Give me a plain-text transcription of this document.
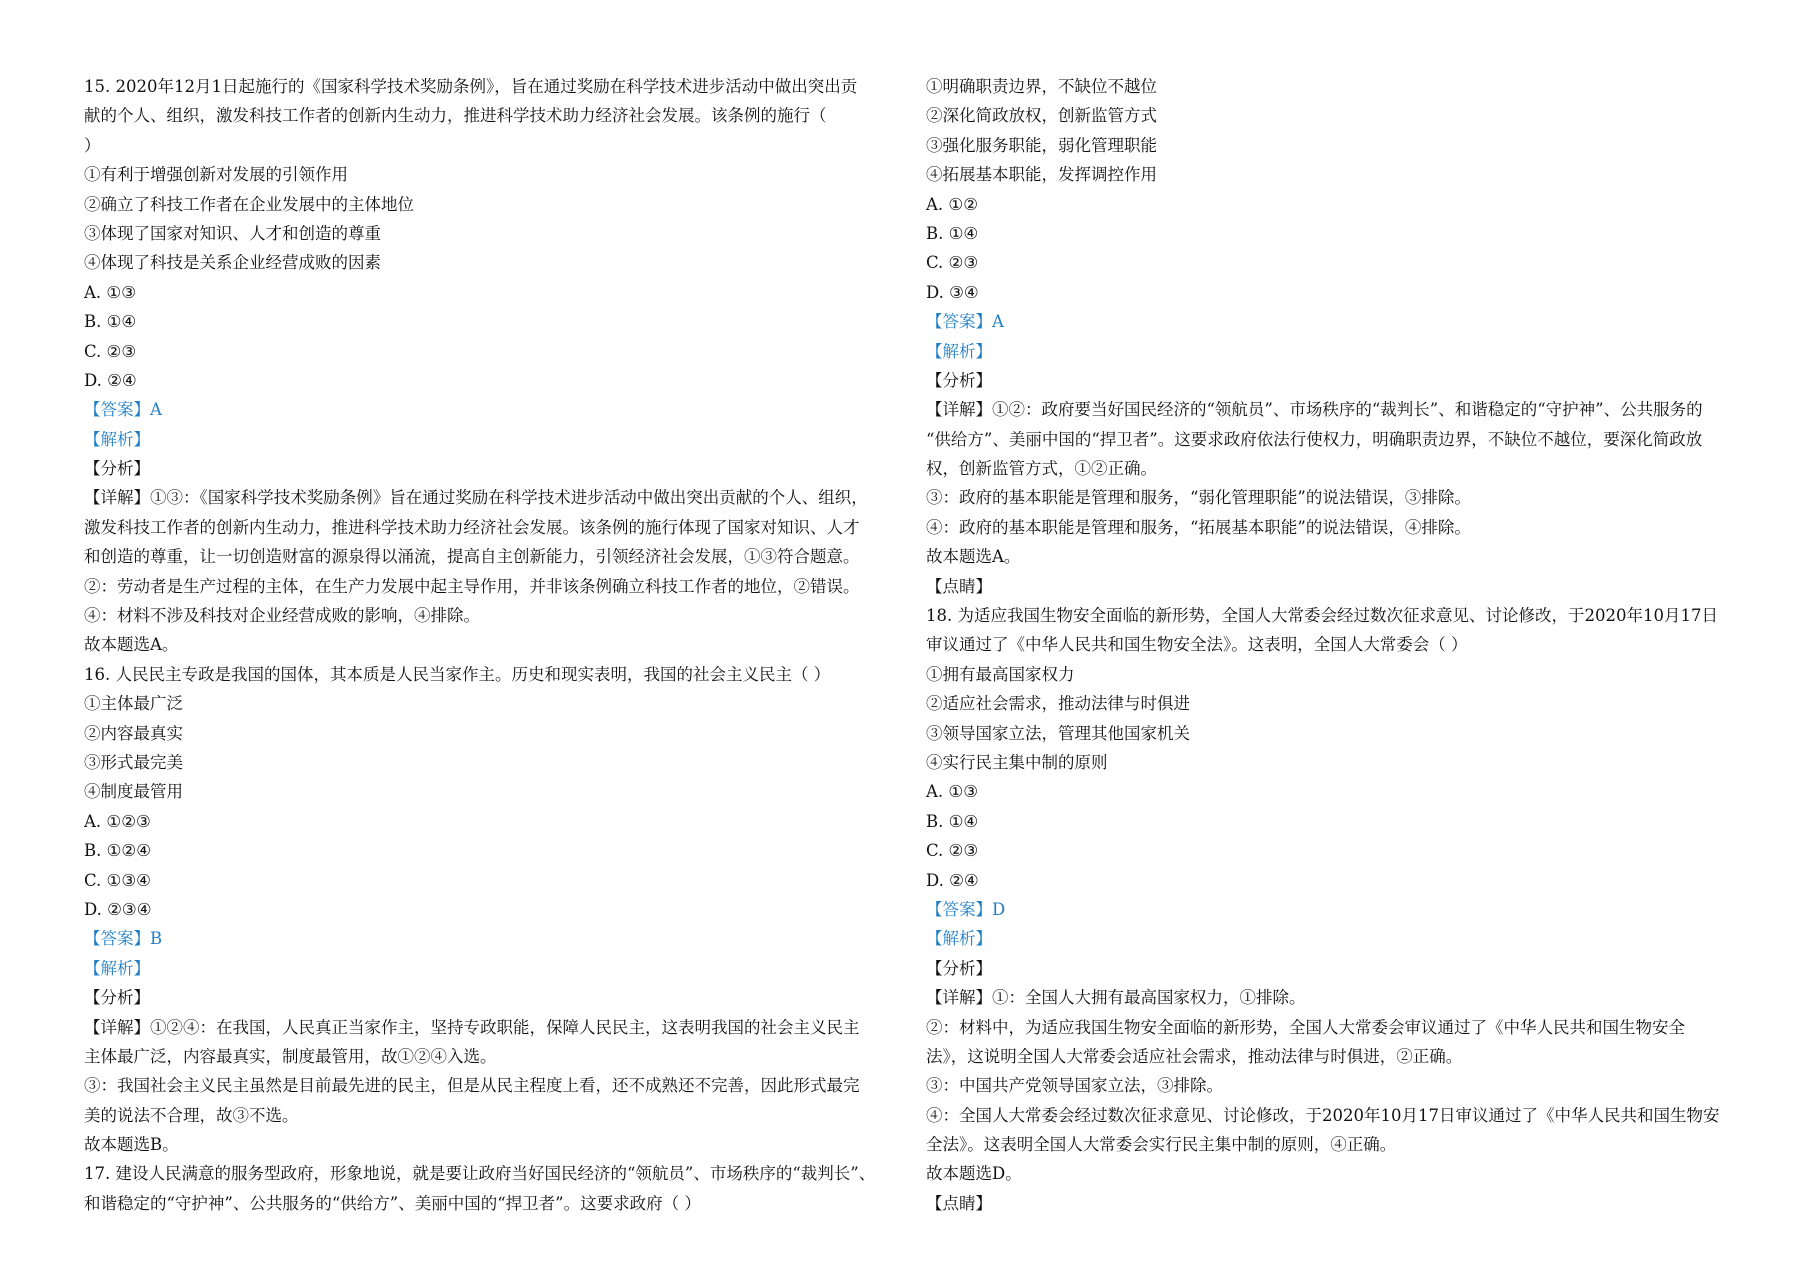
15. 2020年12月1日起施行的《国家科学技术奖励条例》，旨在通过奖励在科学技术进步活动中做出突出贡
献的个人、组织，激发科技工作者的创新内生动力，推进科学技术助力经济社会发展。该条例的施行（
）
①有利于增强创新对发展的引领作用
②确立了科技工作者在企业发展中的主体地位
③体现了国家对知识、人才和创造的尊重
④体现了科技是关系企业经营成败的因素
A. ①③
B. ①④
C. ②③
D. ②④
【答案】A
【解析】
【分析】
【详解】①③：《国家科学技术奖励条例》旨在通过奖励在科学技术进步活动中做出突出贡献的个人、组织，
激发科技工作者的创新内生动力，推进科学技术助力经济社会发展。该条例的施行体现了国家对知识、人才
和创造的尊重，让一切创造财富的源泉得以涌流，提高自主创新能力，引领经济社会发展，①③符合题意。
②：劳动者是生产过程的主体，在生产力发展中起主导作用，并非该条例确立科技工作者的地位，②错误。
④：材料不涉及科技对企业经营成败的影响，④排除。
故本题选A。
16. 人民民主专政是我国的国体，其本质是人民当家作主。历史和现实表明，我国的社会主义民主（ ）
①主体最广泛
②内容最真实
③形式最完美
④制度最管用
A. ①②③
B. ①②④
C. ①③④
D. ②③④
【答案】B
【解析】
【分析】
【详解】①②④：在我国，人民真正当家作主，坚持专政职能，保障人民民主，这表明我国的社会主义民主
主体最广泛，内容最真实，制度最管用，故①②④入选。
③：我国社会主义民主虽然是目前最先进的民主，但是从民主程度上看，还不成熟还不完善，因此形式最完
美的说法不合理，故③不选。
故本题选B。
17. 建设人民满意的服务型政府，形象地说，就是要让政府当好国民经济的“领航员”、市场秩序的“裁判长”、
和谐稳定的“守护神”、公共服务的“供给方”、美丽中国的“捍卫者”。这要求政府（ ）
①明确职责边界，不缺位不越位
②深化简政放权，创新监管方式
③强化服务职能，弱化管理职能
④拓展基本职能，发挥调控作用
A. ①②
B. ①④
C. ②③
D. ③④
【答案】A
【解析】
【分析】
【详解】①②：政府要当好国民经济的“领航员”、市场秩序的“裁判长”、和谐稳定的“守护神”、公共服务的
“供给方”、美丽中国的“捍卫者”。这要求政府依法行使权力，明确职责边界，不缺位不越位，要深化简政放
权，创新监管方式，①②正确。
③：政府的基本职能是管理和服务，“弱化管理职能”的说法错误，③排除。
④：政府的基本职能是管理和服务，“拓展基本职能”的说法错误，④排除。
故本题选A。
【点睛】
18. 为适应我国生物安全面临的新形势，全国人大常委会经过数次征求意见、讨论修改，于2020年10月17日
审议通过了《中华人民共和国生物安全法》。这表明，全国人大常委会（ ）
①拥有最高国家权力
②适应社会需求，推动法律与时俱进
③领导国家立法，管理其他国家机关
④实行民主集中制的原则
A. ①③
B. ①④
C. ②③
D. ②④
【答案】D
【解析】
【分析】
【详解】①：全国人大拥有最高国家权力，①排除。
②：材料中，为适应我国生物安全面临的新形势，全国人大常委会审议通过了《中华人民共和国生物安全
法》，这说明全国人大常委会适应社会需求，推动法律与时俱进，②正确。
③：中国共产党领导国家立法，③排除。
④：全国人大常委会经过数次征求意见、讨论修改，于2020年10月17日审议通过了《中华人民共和国生物安
全法》。这表明全国人大常委会实行民主集中制的原则，④正确。
故本题选D。
【点睛】
